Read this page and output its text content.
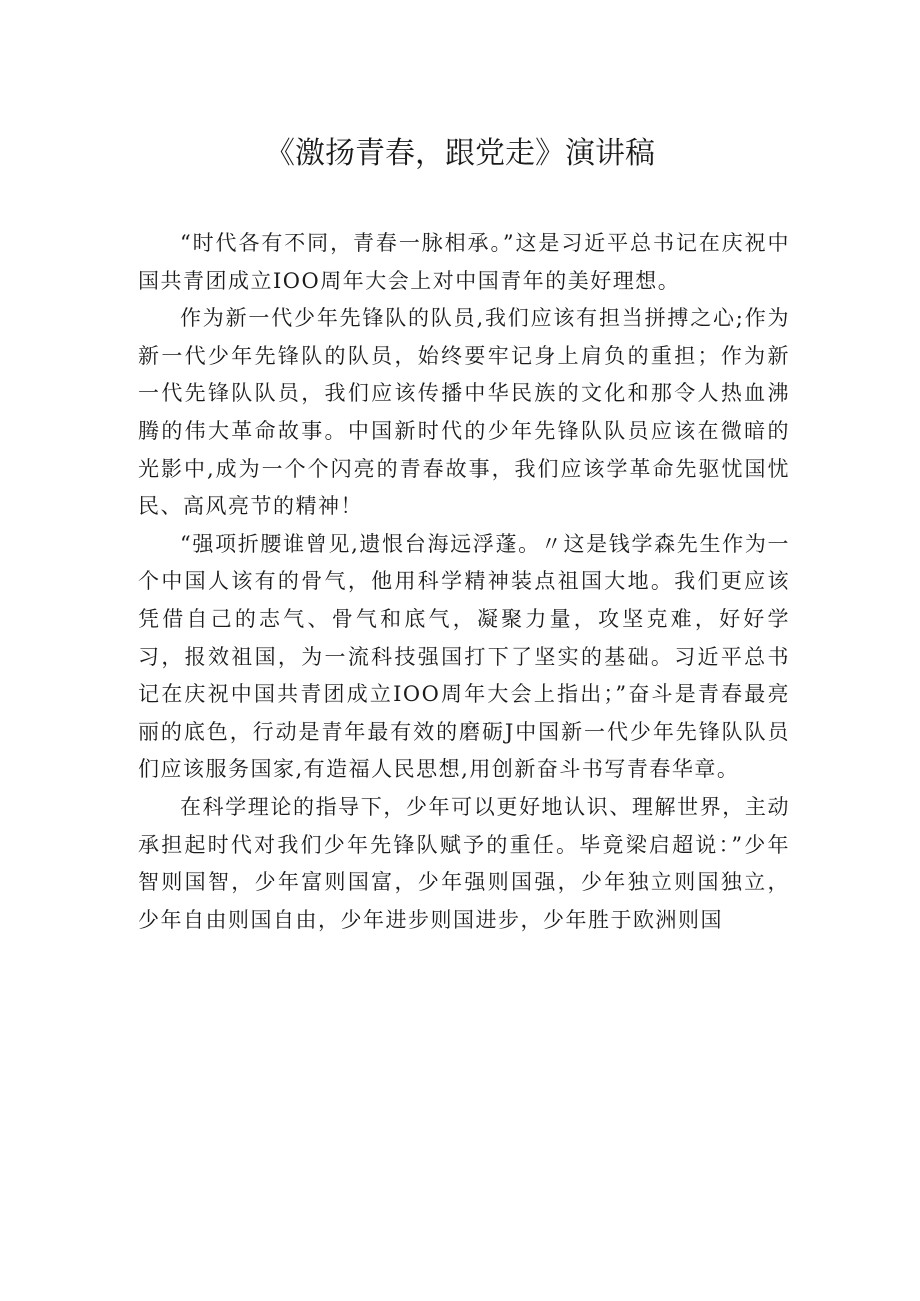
《激扬青春，跟党走》演讲稿

“时代各有不同，青春一脉相承。”这是习近平总书记在庆祝中国共青团成立IOO周年大会上对中国青年的美好理想。

作为新一代少年先锋队的队员,我们应该有担当拼搏之心;作为新一代少年先锋队的队员，始终要牢记身上肩负的重担；作为新一代先锋队队员，我们应该传播中华民族的文化和那令人热血沸腾的伟大革命故事。中国新时代的少年先锋队队员应该在微暗的光影中,成为一个个闪亮的青春故事，我们应该学革命先驱忧国忧民、高风亮节的精神！

“强项折腰谁曾见,遗恨台海远浮蓬。〃这是钱学森先生作为一个中国人该有的骨气，他用科学精神装点祖国大地。我们更应该凭借自己的志气、骨气和底气，凝聚力量，攻坚克难，好好学习，报效祖国，为一流科技强国打下了坚实的基础。习近平总书记在庆祝中国共青团成立IOO周年大会上指出；”奋斗是青春最亮丽的底色，行动是青年最有效的磨砺J中国新一代少年先锋队队员们应该服务国家,有造福人民思想,用创新奋斗书写青春华章。

在科学理论的指导下，少年可以更好地认识、理解世界，主动承担起时代对我们少年先锋队赋予的重任。毕竟梁启超说：”少年智则国智，少年富则国富，少年强则国强，少年独立则国独立，少年自由则国自由，少年进步则国进步，少年胜于欧洲则国
